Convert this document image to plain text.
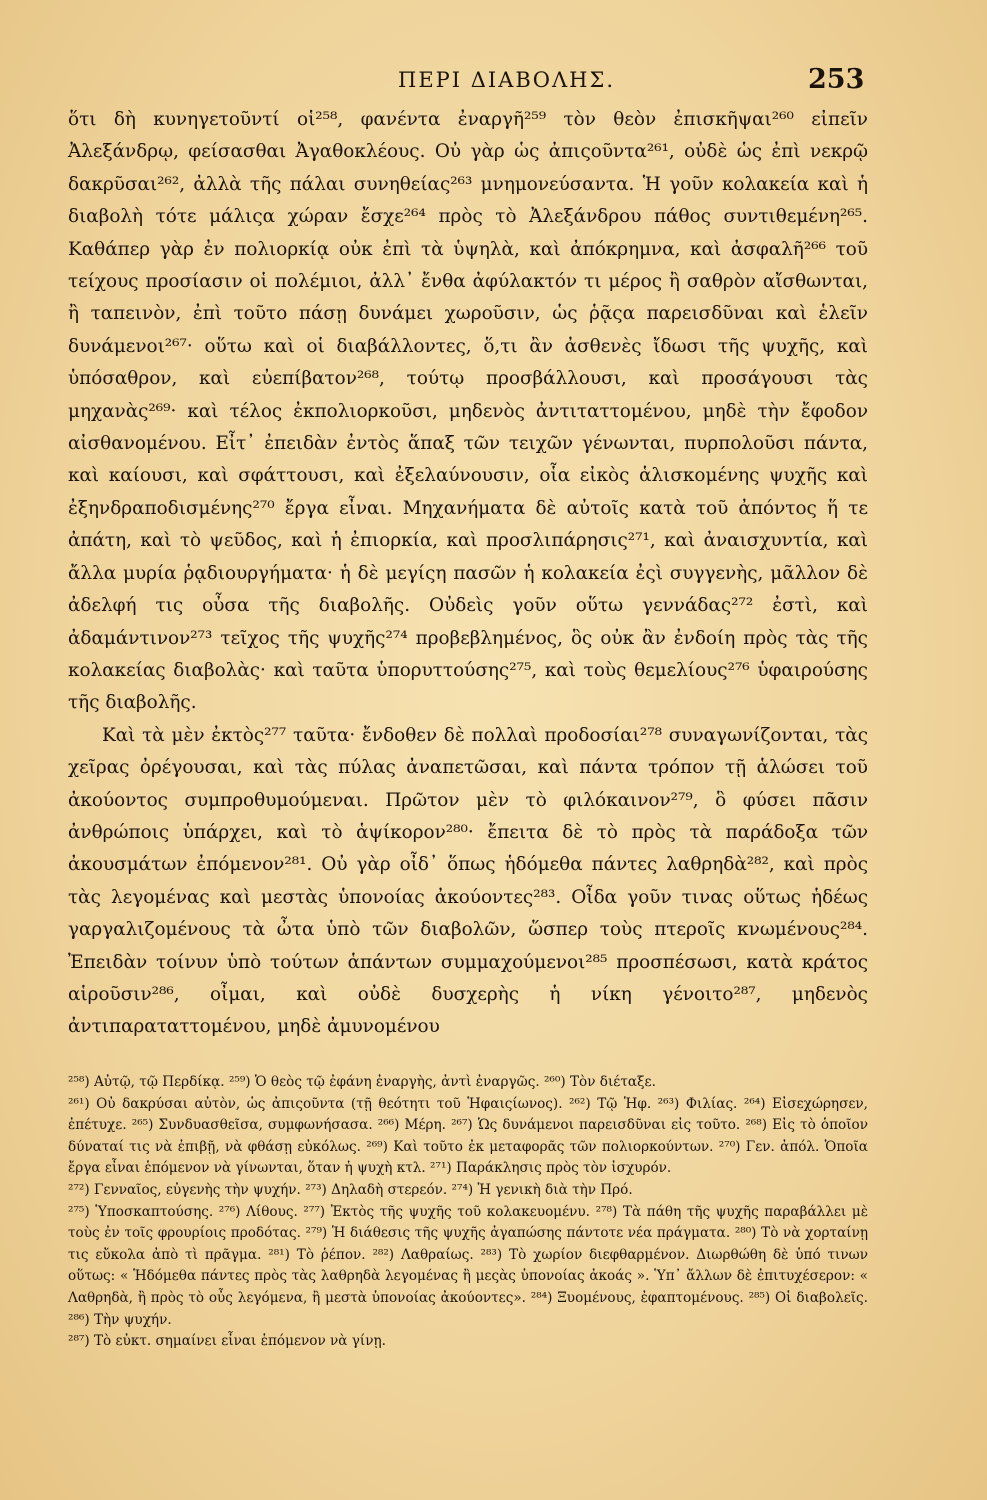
ΠΕΡΙ ΔΙΑΒΟΛΗΣ.	253

ὅτι δὴ κυνηγετοῦντί οἱ²⁵⁸, φανέντα ἐναργῆ²⁵⁹ τὸν θεὸν ἐπισκῆψαι²⁶⁰ εἰπεῖν Ἀλεξάνδρῳ, φείσασθαι Ἀγαθοκλέους. Οὐ γὰρ ὡς ἀπιςοῦντα²⁶¹, οὐδὲ ὡς ἐπὶ νεκρῷ δακρῦσαι²⁶², ἀλλὰ τῆς πάλαι συνηθείας²⁶³ μνημονεύσαντα. Ἡ γοῦν κολακεία καὶ ἡ διαβολὴ τότε μάλιςα χώραν ἔσχε²⁶⁴ πρὸς τὸ Ἀλεξάνδρου πάθος συντιθεμένη²⁶⁵. Καθάπερ γὰρ ἐν πολιορκίᾳ οὐκ ἐπὶ τὰ ὑψηλὰ, καὶ ἀπόκρημνα, καὶ ἀσφαλῆ²⁶⁶ τοῦ τείχους προσίασιν οἱ πολέμιοι, ἀλλ᾽ ἔνθα ἀφύλακτόν τι μέρος ἢ σαθρὸν αἴσθωνται, ἢ ταπεινὸν, ἐπὶ τοῦτο πάσῃ δυνάμει χωροῦσιν, ὡς ῥᾷςα παρεισδῦναι καὶ ἑλεῖν δυνάμενοι²⁶⁷· οὕτω καὶ οἱ διαβάλλοντες, ὅ,τι ἂν ἀσθενὲς ἴδωσι τῆς ψυχῆς, καὶ ὑπόσαθρον, καὶ εὐεπίβατον²⁶⁸, τούτῳ προσβάλλουσι, καὶ προσάγουσι τὰς μηχανὰς²⁶⁹· καὶ τέλος ἐκπολιορκοῦσι, μηδενὸς ἀντιταττομένου, μηδὲ τὴν ἔφοδον αἰσθανομένου. Εἶτ᾽ ἐπειδὰν ἐντὸς ἅπαξ τῶν τειχῶν γένωνται, πυρπολοῦσι πάντα, καὶ καίουσι, καὶ σφάττουσι, καὶ ἐξελαύνουσιν, οἷα εἰκὸς ἁλισκομένης ψυχῆς καὶ ἐξηνδραποδισμένης²⁷⁰ ἔργα εἶναι. Μηχανήματα δὲ αὐτοῖς κατὰ τοῦ ἀπόντος ἥ τε ἀπάτη, καὶ τὸ ψεῦδος, καὶ ἡ ἐπιορκία, καὶ προσλιπάρησις²⁷¹, καὶ ἀναισχυντία, καὶ ἄλλα μυρία ῥᾳδιουργήματα· ἡ δὲ μεγίςη πασῶν ἡ κολακεία ἐςὶ συγγενὴς, μᾶλλον δὲ ἀδελφή τις οὖσα τῆς διαβολῆς. Οὐδεὶς γοῦν οὕτω γεννάδας²⁷² ἐστὶ, καὶ ἀδαμάντινον²⁷³ τεῖχος τῆς ψυχῆς²⁷⁴ προβεβλημένος, ὃς οὐκ ἂν ἐνδοίη πρὸς τὰς τῆς κολακείας διαβολὰς· καὶ ταῦτα ὑπορυττούσης²⁷⁵, καὶ τοὺς θεμελίους²⁷⁶ ὑφαιρούσης τῆς διαβολῆς.

Καὶ τὰ μὲν ἐκτὸς²⁷⁷ ταῦτα· ἔνδοθεν δὲ πολλαὶ προδοσίαι²⁷⁸ συναγωνίζονται, τὰς χεῖρας ὀρέγουσαι, καὶ τὰς πύλας ἀναπετῶσαι, καὶ πάντα τρόπον τῇ ἁλώσει τοῦ ἀκούοντος συμπροθυμούμεναι. Πρῶτον μὲν τὸ φιλόκαινον²⁷⁹, ὃ φύσει πᾶσιν ἀνθρώποις ὑπάρχει, καὶ τὸ ἁψίκορον²⁸⁰· ἔπειτα δὲ τὸ πρὸς τὰ παράδοξα τῶν ἀκουσμάτων ἐπόμενον²⁸¹. Οὐ γὰρ οἶδ᾽ ὅπως ἡδόμεθα πάντες λαθρηδὰ²⁸², καὶ πρὸς τὰς λεγομένας καὶ μεστὰς ὑπονοίας ἀκούοντες²⁸³. Οἶδα γοῦν τινας οὕτως ἡδέως γαργαλιζομένους τὰ ὦτα ὑπὸ τῶν διαβολῶν, ὥσπερ τοὺς πτεροῖς κνωμένους²⁸⁴. Ἐπειδὰν τοίνυν ὑπὸ τούτων ἁπάντων συμμαχούμενοι²⁸⁵ προσπέσωσι, κατὰ κράτος αἱροῦσιν²⁸⁶, οἶμαι, καὶ οὐδὲ δυσχερὴς ἡ νίκη γένοιτο²⁸⁷, μηδενὸς ἀντιπαραταττομένου, μηδὲ ἀμυνομένου

²⁵⁸) Αὐτῷ, τῷ Περδίκᾳ. ²⁵⁹) Ὁ θεὸς τῷ ἐφάνη ἐναργὴς, ἀντὶ ἐναργῶς. ²⁶⁰) Τὸν διέταξε.

²⁶¹) Οὐ δακρύσαι αὐτὸν, ὡς ἀπιςοῦντα (τῇ θεότητι τοῦ Ἡφαιςίωνος). ²⁶²) Τῷ Ἡφ. ²⁶³) Φιλίας. ²⁶⁴) Εἰσεχώρησεν, ἐπέτυχε. ²⁶⁵) Συνδυασθεῖσα, συμφωνήσασα. ²⁶⁶) Μέρη. ²⁶⁷) Ὡς δυνάμενοι παρεισδῦναι εἰς τοῦτο. ²⁶⁸) Εἰς τὸ ὁποῖον δύναταί τις νὰ ἐπιβῇ, νὰ φθάσῃ εὐκόλως. ²⁶⁹) Καὶ τοῦτο ἐκ μεταφορᾶς τῶν πολιορκούντων. ²⁷⁰) Γεν. ἀπόλ. Ὁποῖα ἔργα εἶναι ἑπόμενον νὰ γίνωνται, ὅταν ἡ ψυχὴ κτλ. ²⁷¹) Παράκλησις πρὸς τὸν ἰσχυρόν.

²⁷²) Γενναῖος, εὐγενὴς τὴν ψυχήν. ²⁷³) Δηλαδὴ στερεόν. ²⁷⁴) Ἡ γενικὴ διὰ τὴν Πρό.

²⁷⁵) Ὑποσκαπτούσης. ²⁷⁶) Λίθους. ²⁷⁷) Ἐκτὸς τῆς ψυχῆς τοῦ κολακευομένυ. ²⁷⁸) Τὰ πάθη τῆς ψυχῆς παραβάλλει μὲ τοὺς ἐν τοῖς φρουρίοις προδότας. ²⁷⁹) Ἡ διάθεσις τῆς ψυχῆς ἀγαπώσης πάντοτε νέα πράγματα. ²⁸⁰) Τὸ νὰ χορταίνῃ τις εὔκολα ἀπὸ τὶ πρᾶγμα. ²⁸¹) Τὸ ῥέπον. ²⁸²) Λαθραίως. ²⁸³) Τὸ χωρίον διεφθαρμένον. Διωρθώθη δὲ ὑπό τινων οὕτως: « Ἡδόμεθα πάντες πρὸς τὰς λαθρηδὰ λεγομένας ἢ μεςὰς ὑπονοίας ἀκοάς ». Ὑπ᾽ ἄλλων δὲ ἐπιτυχέσερον: « Λαθρηδὰ, ἢ πρὸς τὸ οὖς λεγόμενα, ἢ μεστὰ ὑπονοίας ἀκούοντες». ²⁸⁴) Ξυομένους, ἐφαπτομένους. ²⁸⁵) Οἱ διαβολεῖς. ²⁸⁶) Τὴν ψυχήν.

²⁸⁷) Τὸ εὐκτ. σημαίνει εἶναι ἑπόμενον νὰ γίνῃ.
